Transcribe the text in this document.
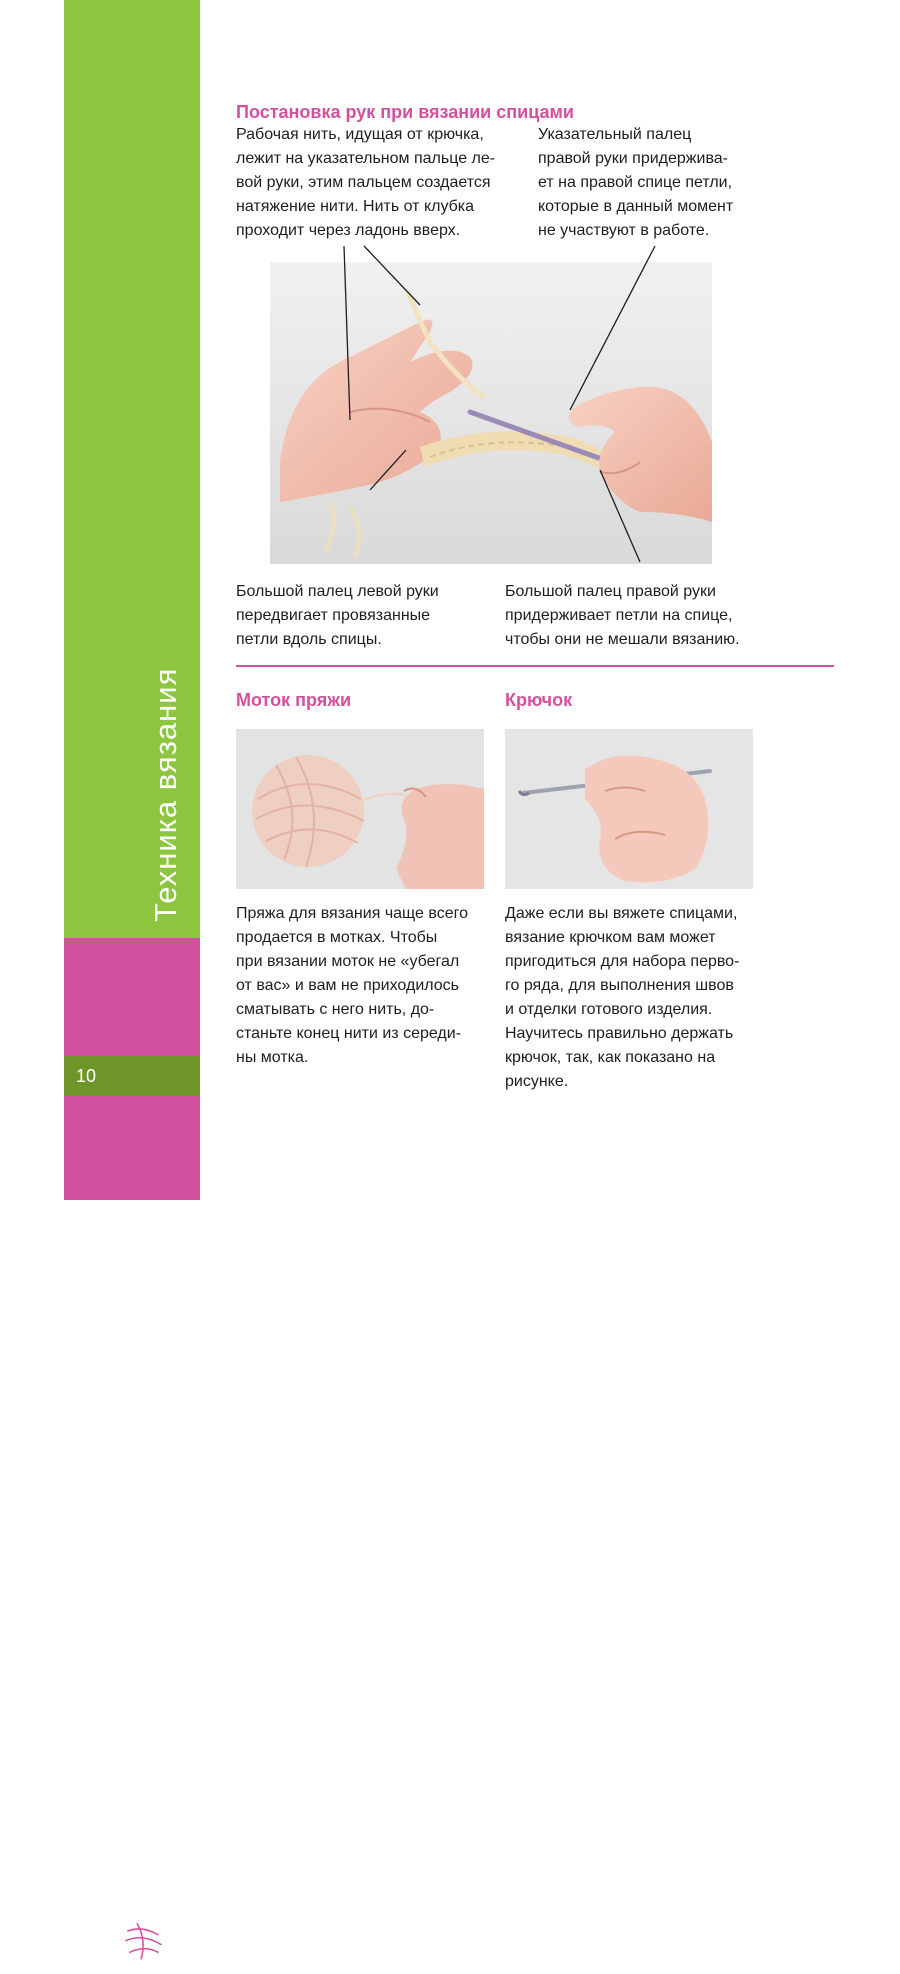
Техника вязания
10
Постановка рук при вязании спицами

Рабочая нить, идущая от крючка,
лежит на указательном пальце ле-
вой руки, этим пальцем создается
натяжение нити. Нить от клубка
проходит через ладонь вверх.

Указательный палец
правой руки придержива-
ет на правой спице петли,
которые в данный момент
не участвуют в работе.

Большой палец левой руки
передвигает провязанные
петли вдоль спицы.

Большой палец правой руки
придерживает петли на спице,
чтобы они не мешали вязанию.

Моток пряжи

Пряжа для вязания чаще всего
продается в мотках. Чтобы
при вязании моток не «убегал
от вас» и вам не приходилось
сматывать с него нить, до-
станьте конец нити из середи-
ны мотка.

Крючок

Даже если вы вяжете спицами,
вязание крючком вам может
пригодиться для набора перво-
го ряда, для выполнения швов
и отделки готового изделия.
Научитесь правильно держать
крючок, так, как показано на
рисунке.
